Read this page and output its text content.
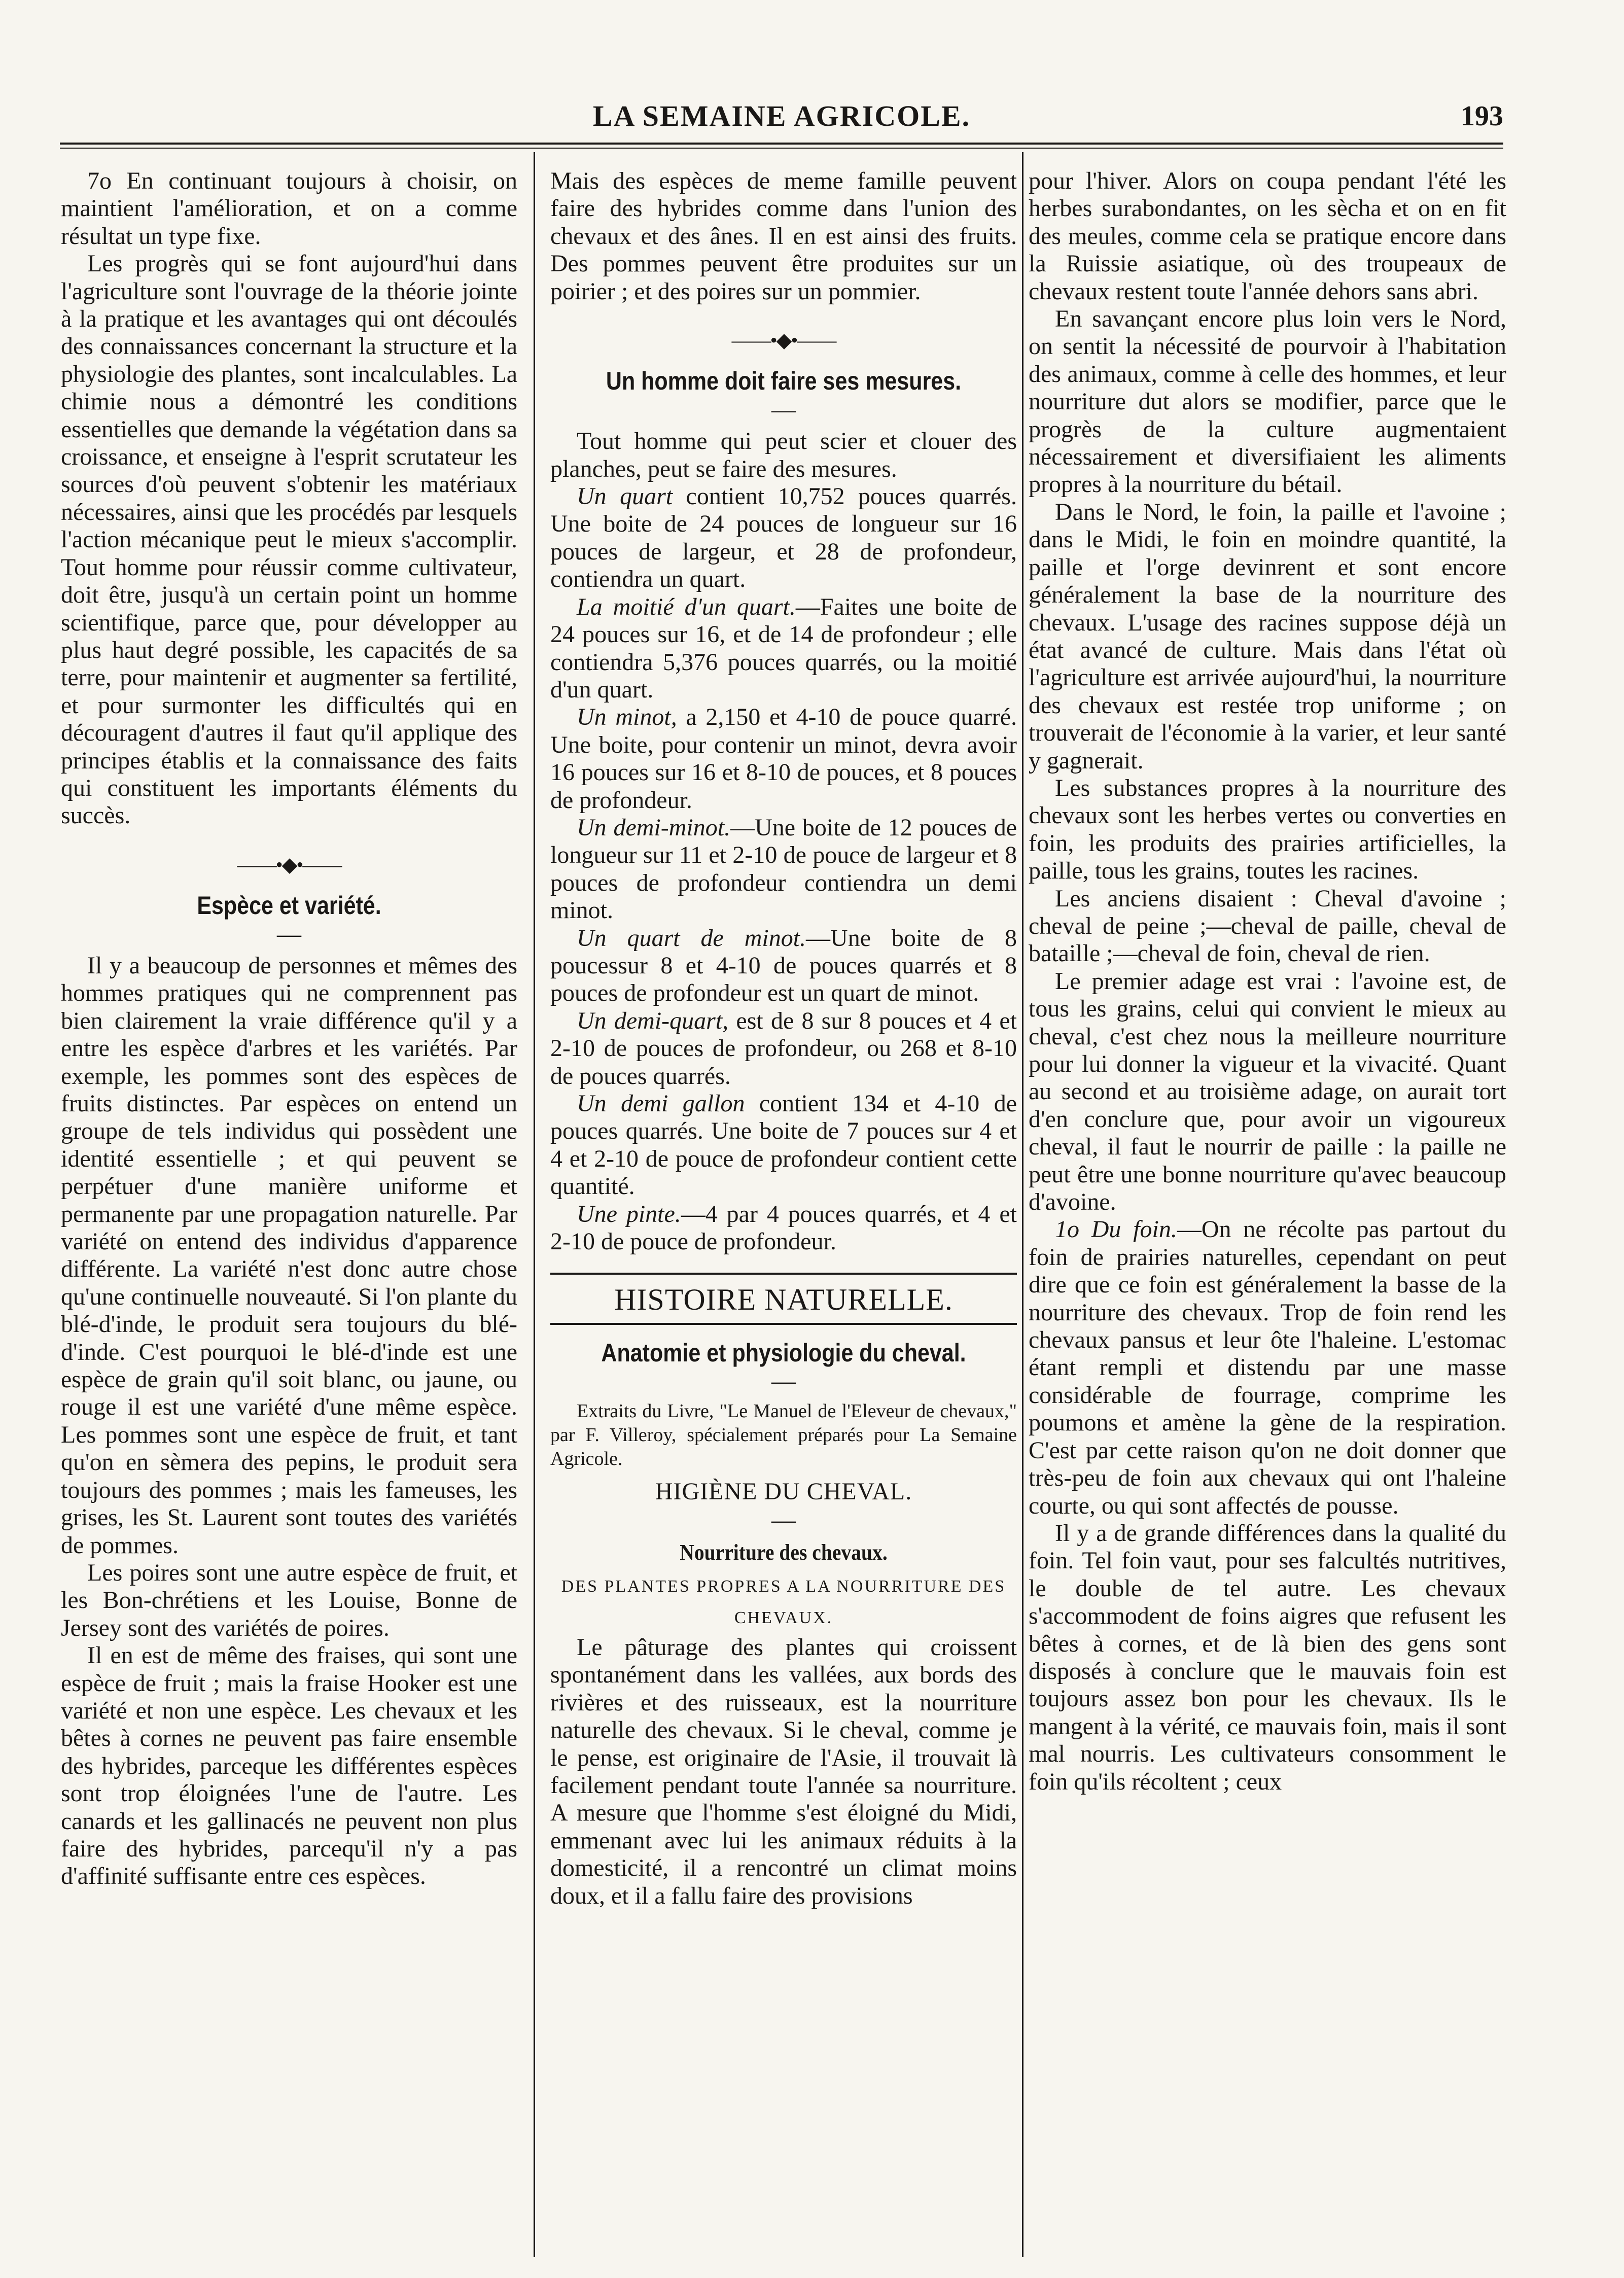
LA SEMAINE AGRICOLE.	193

7o En continuant toujours à choisir, on maintient l'amélioration, et on a comme résultat un type fixe.

Les progrès qui se font aujourd'hui dans l'agriculture sont l'ouvrage de la théorie jointe à la pratique et les avantages qui ont découlés des connaissances concernant la structure et la physiologie des plantes, sont incalculables. La chimie nous a démontré les conditions essentielles que demande la végétation dans sa croissance, et enseigne à l'esprit scrutateur les sources d'où peuvent s'obtenir les matériaux nécessaires, ainsi que les procédés par lesquels l'action mécanique peut le mieux s'accomplir. Tout homme pour réussir comme cultivateur, doit être, jusqu'à un certain point un homme scientifique, parce que, pour développer au plus haut degré possible, les capacités de sa terre, pour maintenir et augmenter sa fertilité, et pour surmonter les difficultés qui en découragent d'autres il faut qu'il applique des principes établis et la connaissance des faits qui constituent les importants éléments du succès.

——•◆•——
Espèce et variété.
—

Il y a beaucoup de personnes et mêmes des hommes pratiques qui ne comprennent pas bien clairement la vraie différence qu'il y a entre les espèce d'arbres et les variétés. Par exemple, les pommes sont des espèces de fruits distinctes. Par espèces on entend un groupe de tels individus qui possèdent une identité essentielle ; et qui peuvent se perpétuer d'une manière uniforme et permanente par une propagation naturelle. Par variété on entend des individus d'apparence différente. La variété n'est donc autre chose qu'une continuelle nouveauté. Si l'on plante du blé-d'inde, le produit sera toujours du blé-d'inde. C'est pourquoi le blé-d'inde est une espèce de grain qu'il soit blanc, ou jaune, ou rouge il est une variété d'une même espèce. Les pommes sont une espèce de fruit, et tant qu'on en sèmera des pepins, le produit sera toujours des pommes ; mais les fameuses, les grises, les St. Laurent sont toutes des variétés de pommes.

Les poires sont une autre espèce de fruit, et les Bon-chrétiens et les Louise, Bonne de Jersey sont des variétés de poires.

Il en est de même des fraises, qui sont une espèce de fruit ; mais la fraise Hooker est une variété et non une espèce. Les chevaux et les bêtes à cornes ne peuvent pas faire ensemble des hybrides, parceque les différentes espèces sont trop éloignées l'une de l'autre. Les canards et les gallinacés ne peuvent non plus faire des hybrides, parcequ'il n'y a pas d'affinité suffisante entre ces espèces.

Mais des espèces de meme famille peuvent faire des hybrides comme dans l'union des chevaux et des ânes. Il en est ainsi des fruits. Des pommes peuvent être produites sur un poirier ; et des poires sur un pommier.

——•◆•——
Un homme doit faire ses mesures.
—

Tout homme qui peut scier et clouer des planches, peut se faire des mesures.

Un quart contient 10,752 pouces quarrés. Une boite de 24 pouces de longueur sur 16 pouces de largeur, et 28 de profondeur, contiendra un quart.

La moitié d'un quart.—Faites une boite de 24 pouces sur 16, et de 14 de profondeur ; elle contiendra 5,376 pouces quarrés, ou la moitié d'un quart.

Un minot, a 2,150 et 4-10 de pouce quarré. Une boite, pour contenir un minot, devra avoir 16 pouces sur 16 et 8-10 de pouces, et 8 pouces de profondeur.

Un demi-minot.—Une boite de 12 pouces de longueur sur 11 et 2-10 de pouce de largeur et 8 pouces de profondeur contiendra un demi minot.

Un quart de minot.—Une boite de 8 poucessur 8 et 4-10 de pouces quarrés et 8 pouces de profondeur est un quart de minot.

Un demi-quart, est de 8 sur 8 pouces et 4 et 2-10 de pouces de profondeur, ou 268 et 8-10 de pouces quarrés.

Un demi gallon contient 134 et 4-10 de pouces quarrés. Une boite de 7 pouces sur 4 et 4 et 2-10 de pouce de profondeur contient cette quantité.

Une pinte.—4 par 4 pouces quarrés, et 4 et 2-10 de pouce de profondeur.

HISTOIRE NATURELLE.
Anatomie et physiologie du cheval.
—

Extraits du Livre, "Le Manuel de l'Eleveur de chevaux," par F. Villeroy, spécialement préparés pour La Semaine Agricole.

HIGIÈNE DU CHEVAL.
—
Nourriture des chevaux.
DES PLANTES PROPRES A LA NOURRITURE DES CHEVAUX.

Le pâturage des plantes qui croissent spontanément dans les vallées, aux bords des rivières et des ruisseaux, est la nourriture naturelle des chevaux. Si le cheval, comme je le pense, est originaire de l'Asie, il trouvait là facilement pendant toute l'année sa nourriture. A mesure que l'homme s'est éloigné du Midi, emmenant avec lui les animaux réduits à la domesticité, il a rencontré un climat moins doux, et il a fallu faire des provisions

pour l'hiver. Alors on coupa pendant l'été les herbes surabondantes, on les sècha et on en fit des meules, comme cela se pratique encore dans la Ruissie asiatique, où des troupeaux de chevaux restent toute l'année dehors sans abri.

En savançant encore plus loin vers le Nord, on sentit la nécessité de pourvoir à l'habitation des animaux, comme à celle des hommes, et leur nourriture dut alors se modifier, parce que le progrès de la culture augmentaient nécessairement et diversifiaient les aliments propres à la nourriture du bétail.

Dans le Nord, le foin, la paille et l'avoine ; dans le Midi, le foin en moindre quantité, la paille et l'orge devinrent et sont encore généralement la base de la nourriture des chevaux. L'usage des racines suppose déjà un état avancé de culture. Mais dans l'état où l'agriculture est arrivée aujourd'hui, la nourriture des chevaux est restée trop uniforme ; on trouverait de l'économie à la varier, et leur santé y gagnerait.

Les substances propres à la nourriture des chevaux sont les herbes vertes ou converties en foin, les produits des prairies artificielles, la paille, tous les grains, toutes les racines.

Les anciens disaient : Cheval d'avoine ; cheval de peine ;—cheval de paille, cheval de bataille ;—cheval de foin, cheval de rien.

Le premier adage est vrai : l'avoine est, de tous les grains, celui qui convient le mieux au cheval, c'est chez nous la meilleure nourriture pour lui donner la vigueur et la vivacité. Quant au second et au troisième adage, on aurait tort d'en conclure que, pour avoir un vigoureux cheval, il faut le nourrir de paille : la paille ne peut être une bonne nourriture qu'avec beaucoup d'avoine.

1o Du foin.—On ne récolte pas partout du foin de prairies naturelles, cependant on peut dire que ce foin est généralement la basse de la nourriture des chevaux. Trop de foin rend les chevaux pansus et leur ôte l'haleine. L'estomac étant rempli et distendu par une masse considérable de fourrage, comprime les poumons et amène la gène de la respiration. C'est par cette raison qu'on ne doit donner que très-peu de foin aux chevaux qui ont l'haleine courte, ou qui sont affectés de pousse.

Il y a de grande différences dans la qualité du foin. Tel foin vaut, pour ses falcultés nutritives, le double de tel autre. Les chevaux s'accommodent de foins aigres que refusent les bêtes à cornes, et de là bien des gens sont disposés à conclure que le mauvais foin est toujours assez bon pour les chevaux. Ils le mangent à la vérité, ce mauvais foin, mais il sont mal nourris. Les cultivateurs consomment le foin qu'ils récoltent ; ceux
